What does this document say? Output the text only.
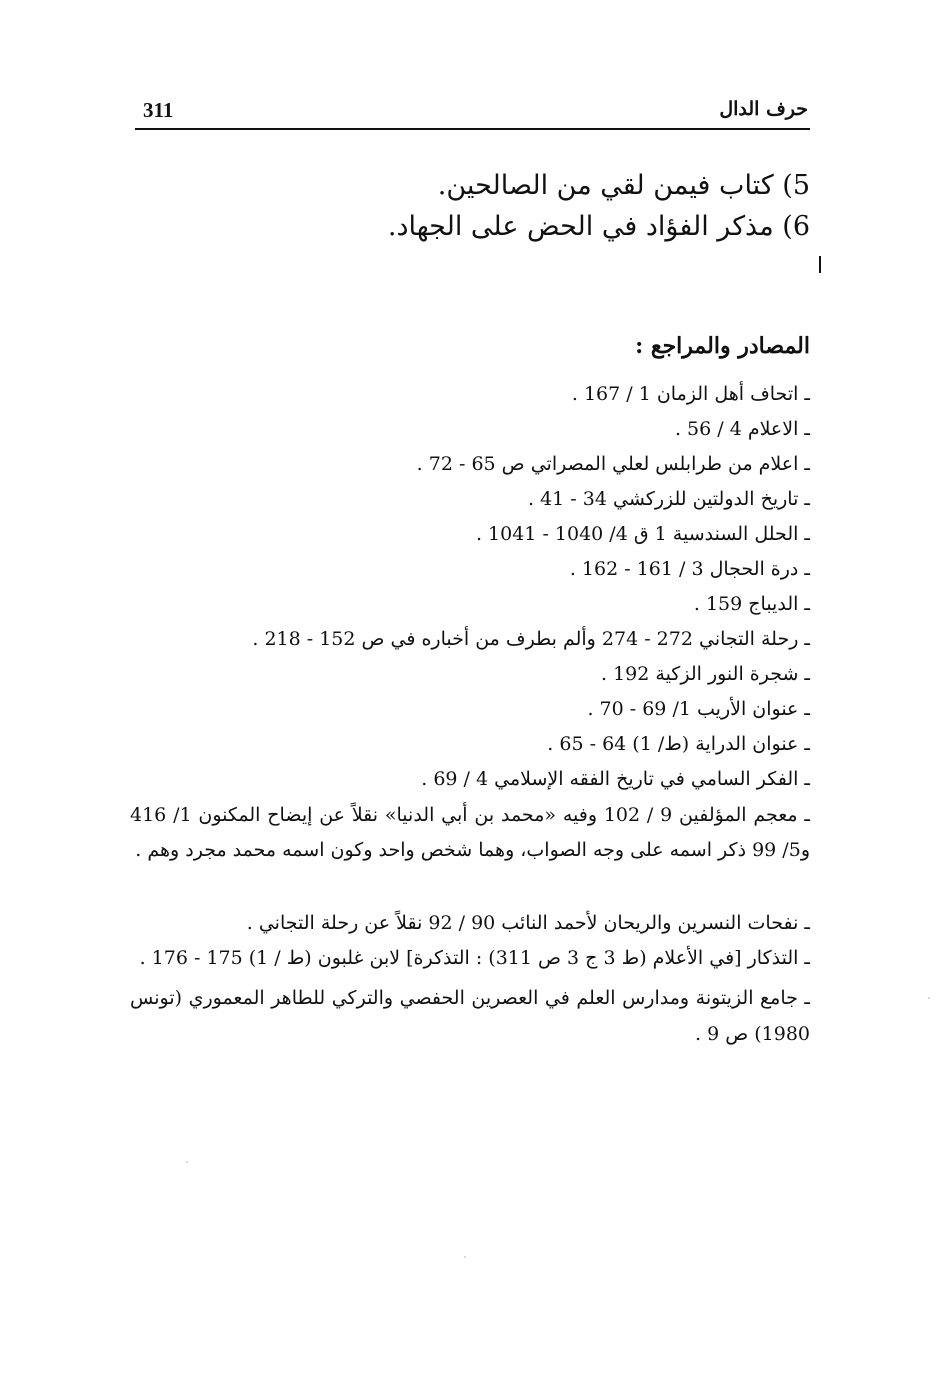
311	حرف الدال
5) كتاب فيمن لقي من الصالحين.
6) مذكر الفؤاد في الحض على الجهاد.
المصادر والمراجع :
ـ اتحاف أهل الزمان 1 / 167 .
ـ الاعلام 4 / 56 .
ـ اعلام من طرابلس لعلي المصراتي ص 65 - 72 .
ـ تاريخ الدولتين للزركشي 34 - 41 .
ـ الحلل السندسية 1 ق 4/ 1040 - 1041 .
ـ درة الحجال 3 / 161 - 162 .
ـ الديباج 159 .
ـ رحلة التجاني 272 - 274 وألم بطرف من أخباره في ص 152 - 218 .
ـ شجرة النور الزكية 192 .
ـ عنوان الأريب 1/ 69 - 70 .
ـ عنوان الدراية (ط/ 1) 64 - 65 .
ـ الفكر السامي في تاريخ الفقه الإسلامي 4 / 69 .
ـ معجم المؤلفين 9 / 102 وفيه «محمد بن أبي الدنيا» نقلاً عن إيضاح المكنون 1/ 416 و5/ 99 ذكر اسمه على وجه الصواب، وهما شخص واحد وكون اسمه محمد مجرد وهم .
ـ نفحات النسرين والريحان لأحمد النائب 90 / 92 نقلاً عن رحلة التجاني .
ـ التذكار [في الأعلام (ط 3 ج 3 ص 311) : التذكرة] لابن غلبون (ط / 1) 175 - 176 .
ـ جامع الزيتونة ومدارس العلم في العصرين الحفصي والتركي للطاهر المعموري (تونس 1980) ص 9 .
